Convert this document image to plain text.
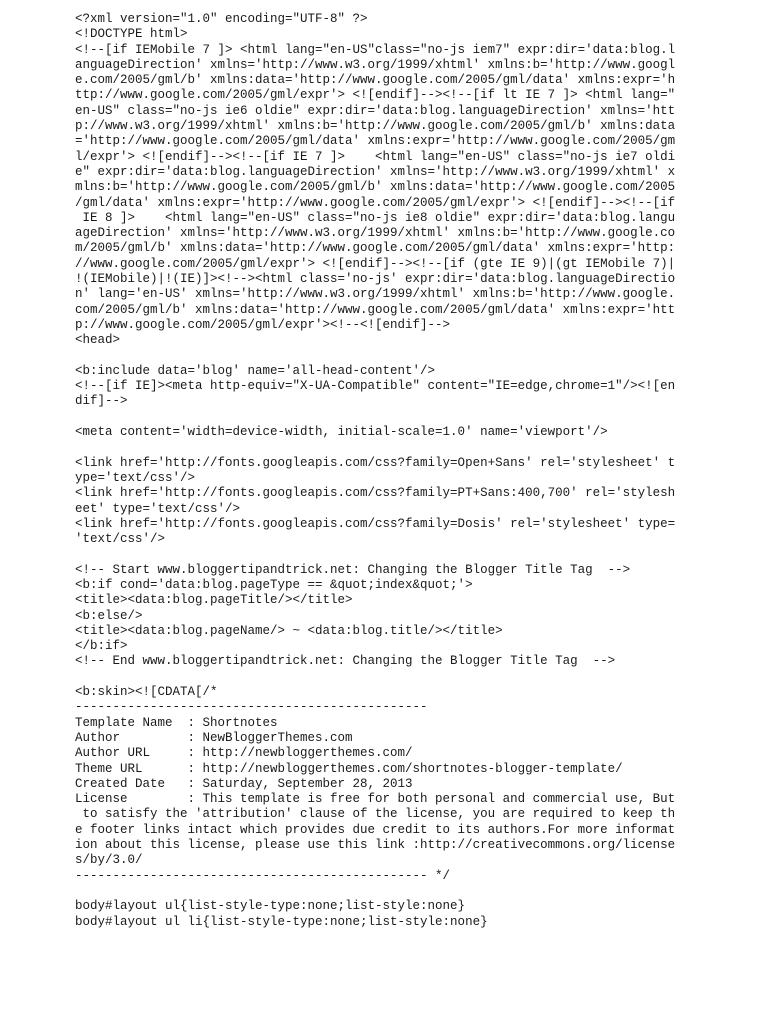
<?xml version="1.0" encoding="UTF-8" ?>
<!DOCTYPE html>
<!--[if IEMobile 7 ]> <html lang="en-US"class="no-js iem7" expr:dir='data:blog.l
anguageDirection' xmlns='http://www.w3.org/1999/xhtml' xmlns:b='http://www.googl
e.com/2005/gml/b' xmlns:data='http://www.google.com/2005/gml/data' xmlns:expr='h
ttp://www.google.com/2005/gml/expr'> <![endif]--><!--[if lt IE 7 ]> <html lang="
en-US" class="no-js ie6 oldie" expr:dir='data:blog.languageDirection' xmlns='htt
p://www.w3.org/1999/xhtml' xmlns:b='http://www.google.com/2005/gml/b' xmlns:data
='http://www.google.com/2005/gml/data' xmlns:expr='http://www.google.com/2005/gm
l/expr'> <![endif]--><!--[if IE 7 ]>    <html lang="en-US" class="no-js ie7 oldi
e" expr:dir='data:blog.languageDirection' xmlns='http://www.w3.org/1999/xhtml' x
mlns:b='http://www.google.com/2005/gml/b' xmlns:data='http://www.google.com/2005
/gml/data' xmlns:expr='http://www.google.com/2005/gml/expr'> <![endif]--><!--[if
IE 8 ]>    <html lang="en-US" class="no-js ie8 oldie" expr:dir='data:blog.langu
ageDirection' xmlns='http://www.w3.org/1999/xhtml' xmlns:b='http://www.google.co
m/2005/gml/b' xmlns:data='http://www.google.com/2005/gml/data' xmlns:expr='http:
//www.google.com/2005/gml/expr'> <![endif]--><!--[if (gte IE 9)|(gt IEMobile 7)|
!(IEMobile)|!(IE)]><!--><html class='no-js' expr:dir='data:blog.languageDirectio
n' lang='en-US' xmlns='http://www.w3.org/1999/xhtml' xmlns:b='http://www.google.
com/2005/gml/b' xmlns:data='http://www.google.com/2005/gml/data' xmlns:expr='htt
p://www.google.com/2005/gml/expr'><!--<![endif]-->
<head>

<b:include data='blog' name='all-head-content'/>
<!--[if IE]><meta http-equiv="X-UA-Compatible" content="IE=edge,chrome=1"/><![en
dif]-->

<meta content='width=device-width, initial-scale=1.0' name='viewport'/>

<link href='http://fonts.googleapis.com/css?family=Open+Sans' rel='stylesheet' t
ype='text/css'/>
<link href='http://fonts.googleapis.com/css?family=PT+Sans:400,700' rel='stylesh
eet' type='text/css'/>
<link href='http://fonts.googleapis.com/css?family=Dosis' rel='stylesheet' type=
'text/css'/>

<!-- Start www.bloggertipandtrick.net: Changing the Blogger Title Tag  -->
<b:if cond='data:blog.pageType == &quot;index&quot;'>
<title><data:blog.pageTitle/></title>
<b:else/>
<title><data:blog.pageName/> ~ <data:blog.title/></title>
</b:if>
<!-- End www.bloggertipandtrick.net: Changing the Blogger Title Tag  -->

<b:skin><![CDATA[/*
-----------------------------------------------
Template Name  : Shortnotes
Author         : NewBloggerThemes.com
Author URL     : http://newbloggerthemes.com/
Theme URL      : http://newbloggerthemes.com/shortnotes-blogger-template/
Created Date   : Saturday, September 28, 2013
License        : This template is free for both personal and commercial use, But
to satisfy the 'attribution' clause of the license, you are required to keep th
e footer links intact which provides due credit to its authors.For more informat
ion about this license, please use this link :http://creativecommons.org/license
s/by/3.0/
----------------------------------------------- */

body#layout ul{list-style-type:none;list-style:none}
body#layout ul li{list-style-type:none;list-style:none}
